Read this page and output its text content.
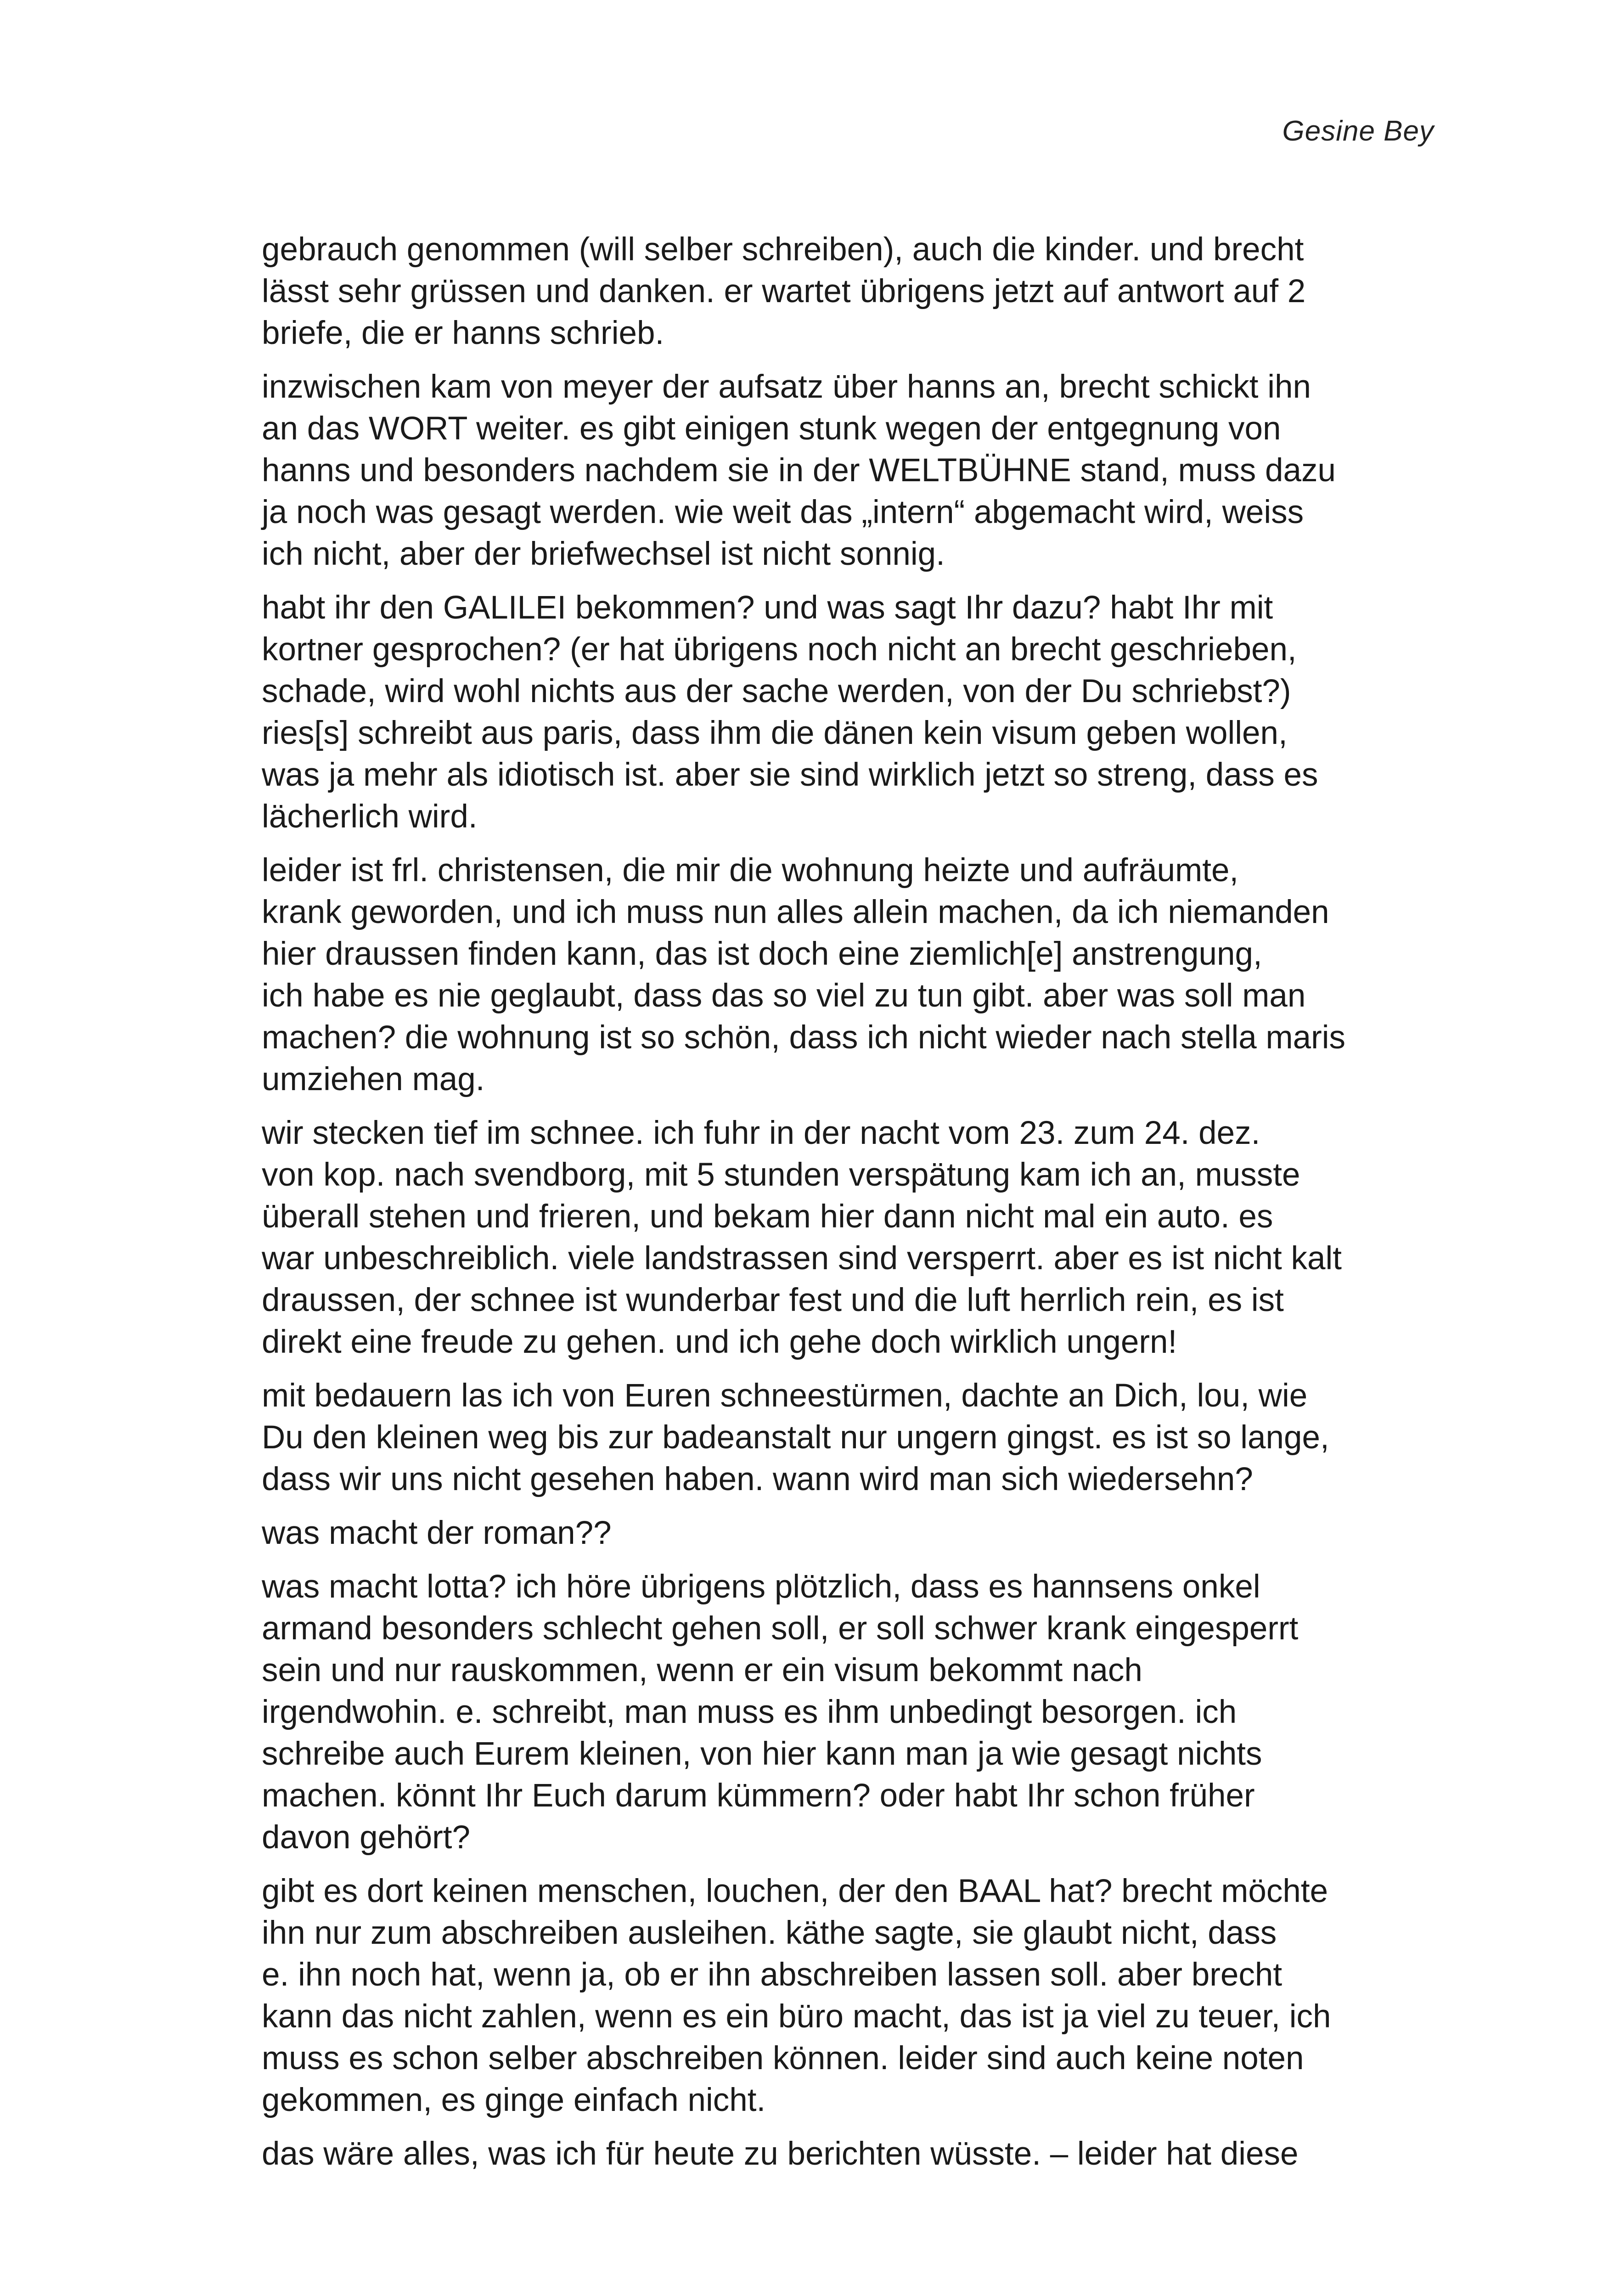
Gesine Bey
gebrauch genommen (will selber schreiben), auch die kinder. und brecht
lässt sehr grüssen und danken. er wartet übrigens jetzt auf antwort auf 2
briefe, die er hanns schrieb.
inzwischen kam von meyer der aufsatz über hanns an, brecht schickt ihn
an das WORT weiter. es gibt einigen stunk wegen der entgegnung von
hanns und besonders nachdem sie in der WELTBÜHNE stand, muss dazu
ja noch was gesagt werden. wie weit das „intern“ abgemacht wird, weiss
ich nicht, aber der briefwechsel ist nicht sonnig.
habt ihr den GALILEI bekommen? und was sagt Ihr dazu? habt Ihr mit
kortner gesprochen? (er hat übrigens noch nicht an brecht geschrieben,
schade, wird wohl nichts aus der sache werden, von der Du schriebst?)
ries[s] schreibt aus paris, dass ihm die dänen kein visum geben wollen,
was ja mehr als idiotisch ist. aber sie sind wirklich jetzt so streng, dass es
lächerlich wird.
leider ist frl. christensen, die mir die wohnung heizte und aufräumte,
krank geworden, und ich muss nun alles allein machen, da ich niemanden
hier draussen finden kann, das ist doch eine ziemlich[e] anstrengung,
ich habe es nie geglaubt, dass das so viel zu tun gibt. aber was soll man
machen? die wohnung ist so schön, dass ich nicht wieder nach stella maris
umziehen mag.
wir stecken tief im schnee. ich fuhr in der nacht vom 23. zum 24. dez.
von kop. nach svendborg, mit 5 stunden verspätung kam ich an, musste
überall stehen und frieren, und bekam hier dann nicht mal ein auto. es
war unbeschreiblich. viele landstrassen sind versperrt. aber es ist nicht kalt
draussen, der schnee ist wunderbar fest und die luft herrlich rein, es ist
direkt eine freude zu gehen. und ich gehe doch wirklich ungern!
mit bedauern las ich von Euren schneestürmen, dachte an Dich, lou, wie
Du den kleinen weg bis zur badeanstalt nur ungern gingst. es ist so lange,
dass wir uns nicht gesehen haben. wann wird man sich wiedersehn?
was macht der roman??
was macht lotta? ich höre übrigens plötzlich, dass es hannsens onkel
armand besonders schlecht gehen soll, er soll schwer krank eingesperrt
sein und nur rauskommen, wenn er ein visum bekommt nach
irgendwohin. e. schreibt, man muss es ihm unbedingt besorgen. ich
schreibe auch Eurem kleinen, von hier kann man ja wie gesagt nichts
machen. könnt Ihr Euch darum kümmern? oder habt Ihr schon früher
davon gehört?
gibt es dort keinen menschen, louchen, der den BAAL hat? brecht möchte
ihn nur zum abschreiben ausleihen. käthe sagte, sie glaubt nicht, dass
e. ihn noch hat, wenn ja, ob er ihn abschreiben lassen soll. aber brecht
kann das nicht zahlen, wenn es ein büro macht, das ist ja viel zu teuer, ich
muss es schon selber abschreiben können. leider sind auch keine noten
gekommen, es ginge einfach nicht.
das wäre alles, was ich für heute zu berichten wüsste. – leider hat diese
